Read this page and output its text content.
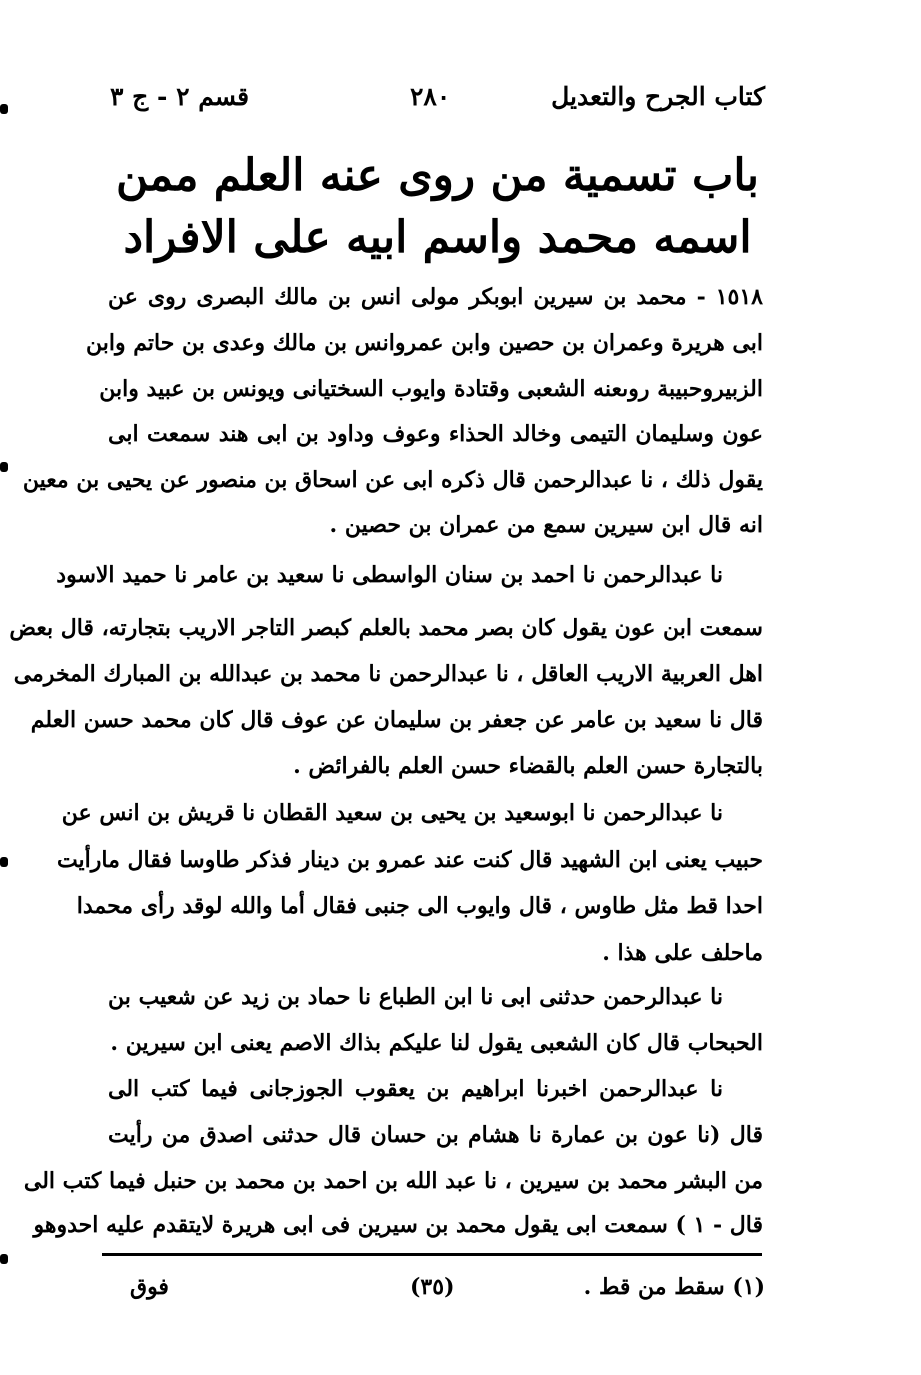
قسم ٢ - ج ٣	٢٨٠	كتاب الجرح والتعديل
باب تسمية من روى عنه العلم ممن
اسمه محمد واسم ابيه على الافراد
١٥١٨ - محمد بن سيرين ابوبكر مولى انس بن مالك البصرى روى عن
ابى هريرة وعمران بن حصين وابن عمروانس بن مالك وعدى بن حاتم وابن
الزبيروحبيبة روىعنه الشعبى وقتادة وايوب السختيانى ويونس بن عبيد وابن
عون وسليمان التيمى وخالد الحذاء وعوف وداود بن ابى هند سمعت ابى
يقول ذلك ، نا عبدالرحمن قال ذكره ابى عن اسحاق بن منصور عن يحيى بن معين
انه قال ابن سيرين سمع من عمران بن حصين .
نا عبدالرحمن نا احمد بن سنان الواسطى نا سعيد بن عامر نا حميد الاسود
سمعت ابن عون يقول كان بصر محمد بالعلم كبصر التاجر الاريب بتجارته، قال بعض
اهل العربية الاريب العاقل ، نا عبدالرحمن نا محمد بن عبدالله بن المبارك المخرمى
قال نا سعيد بن عامر عن جعفر بن سليمان عن عوف قال كان محمد حسن العلم
بالتجارة حسن العلم بالقضاء حسن العلم بالفرائض .
نا عبدالرحمن نا ابوسعيد بن يحيى بن سعيد القطان نا قريش بن انس عن
حبيب يعنى ابن الشهيد قال كنت عند عمرو بن دينار فذكر طاوسا فقال مارأيت
احدا قط مثل طاوس ، قال وايوب الى جنبى فقال أما والله لوقد رأى محمدا
ماحلف على هذا .
نا عبدالرحمن حدثنى ابى نا ابن الطباع نا حماد بن زيد عن شعيب بن
الحبحاب قال كان الشعبى يقول لنا عليكم بذاك الاصم يعنى ابن سيرين .
نا عبدالرحمن اخبرنا ابراهيم بن يعقوب الجوزجانى فيما كتب الى
قال (نا عون بن عمارة نا هشام بن حسان قال حدثنى اصدق من رأيت
من البشر محمد بن سيرين ، نا عبد الله بن احمد بن محمد بن حنبل فيما كتب الى
قال - ١ ) سمعت ابى يقول محمد بن سيرين فى ابى هريرة لايتقدم عليه احدوهو
فوق	(٣٥)	(١) سقط من قط .
